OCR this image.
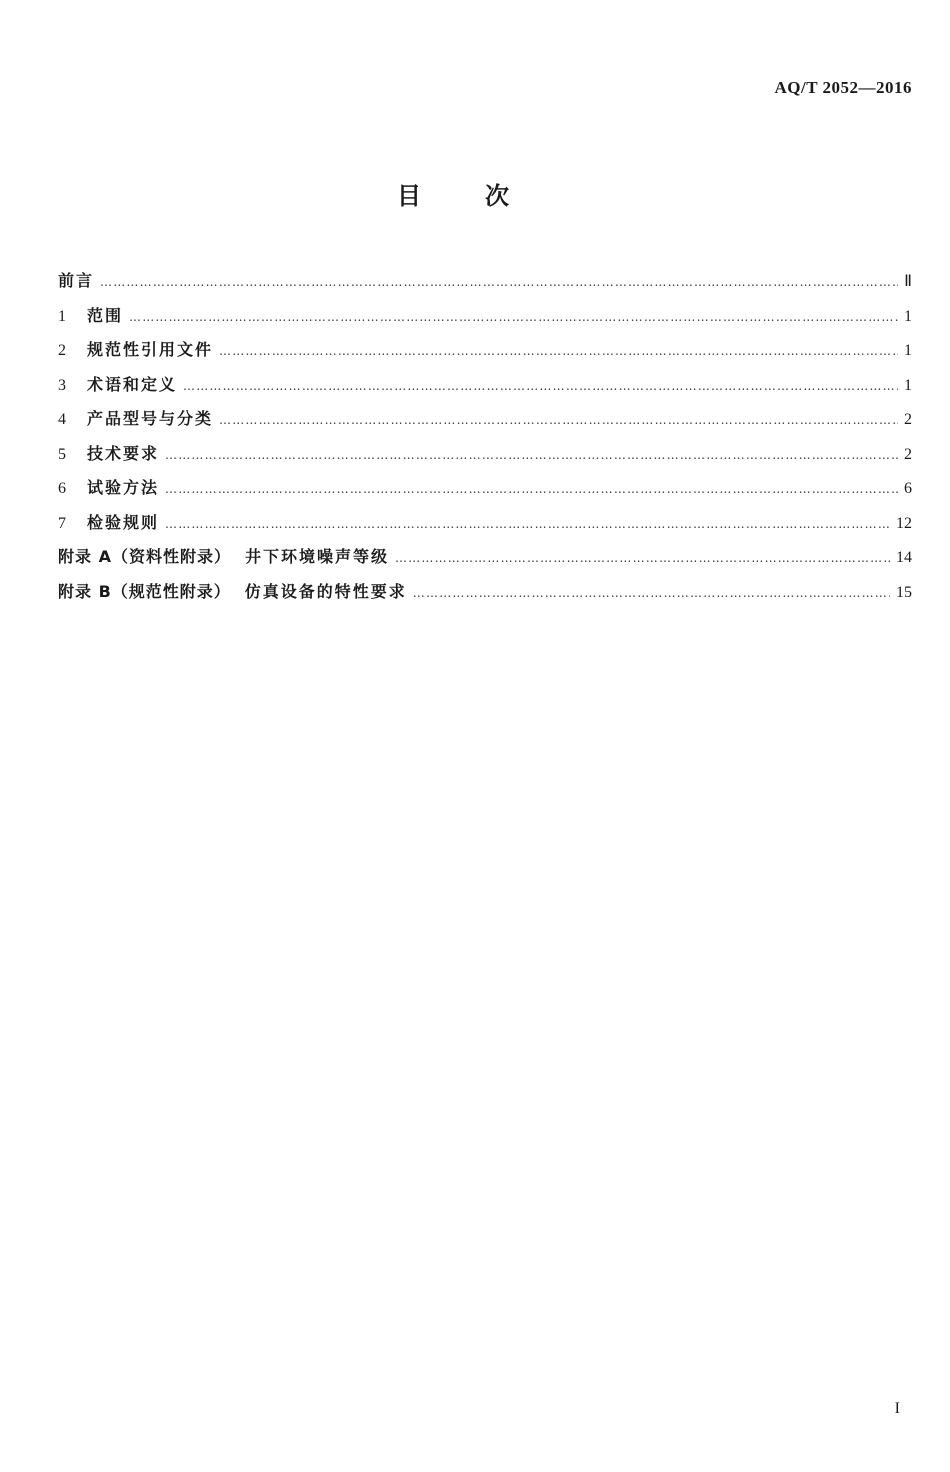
AQ/T 2052—2016
目次
前言 ……………………………………………………………………………………………………………………………………………………………………………………………………………………	Ⅱ
1	范围 ……………………………………………………………………………………………………………………………………………………………………………………………………………………	1
2	规范性引用文件 ……………………………………………………………………………………………………………………………………………………………………………………………………………………	1
3	术语和定义 ……………………………………………………………………………………………………………………………………………………………………………………………………………………	1
4	产品型号与分类 ……………………………………………………………………………………………………………………………………………………………………………………………………………………	2
5	技术要求 ……………………………………………………………………………………………………………………………………………………………………………………………………………………	2
6	试验方法 ……………………………………………………………………………………………………………………………………………………………………………………………………………………	6
7	检验规则 ……………………………………………………………………………………………………………………………………………………………………………………………………………………	12
附录 A（资料性附录） 井下环境噪声等级 ……………………………………………………………………………………………………………………………………………………………………………………………………………………	14
附录 B（规范性附录） 仿真设备的特性要求 ……………………………………………………………………………………………………………………………………………………………………………………………………………………	15
I
